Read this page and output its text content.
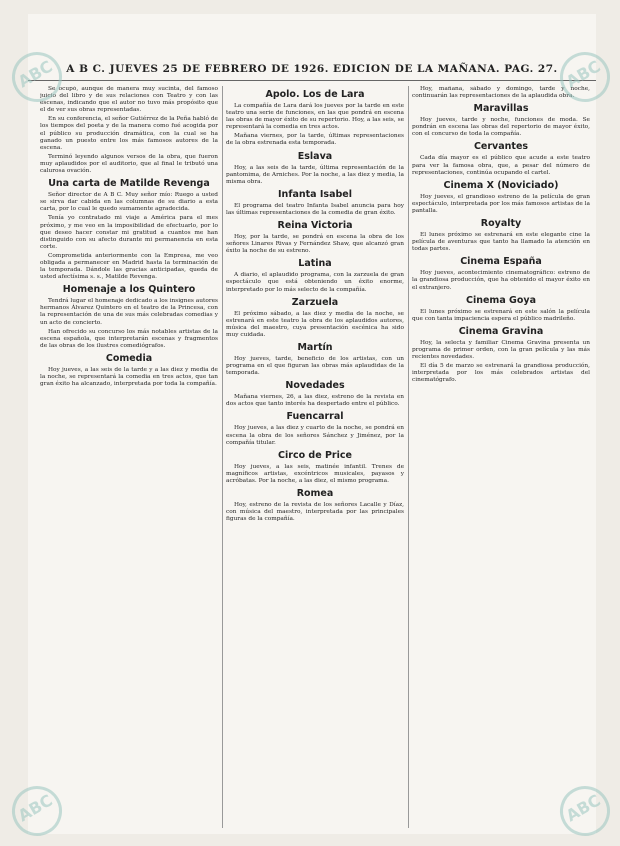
A B C. JUEVES 25 DE FEBRERO DE 1926. EDICION DE LA MAÑANA. PAG. 27.

Se ocupó, aunque de manera muy sucinta, del famoso juicio del libro y de sus relaciones con Teatro y con las escenas, indicando que el autor no tuvo más propósito que el de ver sus obras representadas.

En su conferencia, el señor Gutiérrez de la Peña habló de los tiempos del poeta y de la manera como fué acogida por el público su producción dramática, con la cual se ha ganado un puesto entre los más famosos autores de la escena.

Terminó leyendo algunos versos de la obra, que fueron muy aplaudidos por el auditorio, que al final le tributó una calurosa ovación.

Una carta de Matilde Revenga

Señor director de A B C. Muy señor mío: Ruego a usted se sirva dar cabida en las columnas de su diario a esta carta, por lo cual le quedo sumamente agradecida.

Tenía yo contratado mi viaje a América para el mes próximo, y me veo en la imposibilidad de efectuarlo, por lo que deseo hacer constar mi gratitud a cuantos me han distinguido con su afecto durante mi permanencia en esta corte.

Comprometida anteriormente con la Empresa, me veo obligada a permanecer en Madrid hasta la terminación de la temporada. Dándole las gracias anticipadas, queda de usted afectísima s. s., Matilde Revenga.

Homenaje a los Quintero

Tendrá lugar el homenaje dedicado a los insignes autores hermanos Álvarez Quintero en el teatro de la Princesa, con la representación de una de sus más celebradas comedias y un acto de concierto.

Han ofrecido su concurso los más notables artistas de la escena española, que interpretarán escenas y fragmentos de las obras de los ilustres comediógrafos.

Comedia

Hoy jueves, a las seis de la tarde y a las diez y media de la noche, se representará la comedia en tres actos, que tan gran éxito ha alcanzado, interpretada por toda la compañía.

Apolo. Los de Lara

La compañía de Lara dará los jueves por la tarde en este teatro una serie de funciones, en las que pondrá en escena las obras de mayor éxito de su repertorio. Hoy, a las seis, se representará la comedia en tres actos.

Mañana viernes, por la tarde, últimas representaciones de la obra estrenada esta temporada.

Eslava

Hoy, a las seis de la tarde, última representación de la pantomima, de Arniches. Por la noche, a las diez y media, la misma obra.

Infanta Isabel

El programa del teatro Infanta Isabel anuncia para hoy las últimas representaciones de la comedia de gran éxito.

Reina Victoria

Hoy, por la tarde, se pondrá en escena la obra de los señores Linares Rivas y Fernández Shaw, que alcanzó gran éxito la noche de su estreno.

Latina

A diario, el aplaudido programa, con la zarzuela de gran espectáculo que está obteniendo un éxito enorme, interpretado por lo más selecto de la compañía.

Zarzuela

El próximo sábado, a las diez y media de la noche, se estrenará en este teatro la obra de los aplaudidos autores, música del maestro, cuya presentación escénica ha sido muy cuidada.

Martín

Hoy jueves, tarde, beneficio de los artistas, con un programa en el que figuran las obras más aplaudidas de la temporada.

Novedades

Mañana viernes, 26, a las diez, estreno de la revista en dos actos que tanto interés ha despertado entre el público.

Fuencarral

Hoy jueves, a las diez y cuarto de la noche, se pondrá en escena la obra de los señores Sánchez y Jiménez, por la compañía titular.

Circo de Price

Hoy jueves, a las seis, matinée infantil. Trenes de magníficos artistas, excéntricos musicales, payasos y acróbatas. Por la noche, a las diez, el mismo programa.

Romea

Hoy, estreno de la revista de los señores Lacalle y Díaz, con música del maestro, interpretada por las principales figuras de la compañía.

Hoy, mañana, sábado y domingo, tarde y noche, continuarán las representaciones de la aplaudida obra.

Maravillas

Hoy jueves, tarde y noche, funciones de moda. Se pondrán en escena las obras del repertorio de mayor éxito, con el concurso de toda la compañía.

Cervantes

Cada día mayor es el público que acude a este teatro para ver la famosa obra, que, a pesar del número de representaciones, continúa ocupando el cartel.

Cinema X (Noviciado)

Hoy jueves, el grandioso estreno de la película de gran espectáculo, interpretada por los más famosos artistas de la pantalla.

Royalty

El lunes próximo se estrenará en este elegante cine la película de aventuras que tanto ha llamado la atención en todas partes.

Cinema España

Hoy jueves, acontecimiento cinematográfico: estreno de la grandiosa producción, que ha obtenido el mayor éxito en el extranjero.

Cinema Goya

El lunes próximo se estrenará en este salón la película que con tanta impaciencia espera el público madrileño.

Cinema Gravina

Hoy, la selecta y familiar Cinema Gravina presenta un programa de primer orden, con la gran película y las más recientes novedades.

El día 5 de marzo se estrenará la grandiosa producción, interpretada por los más celebrados artistas del cinematógrafo.

ABC	ABC
ABC	ABC
